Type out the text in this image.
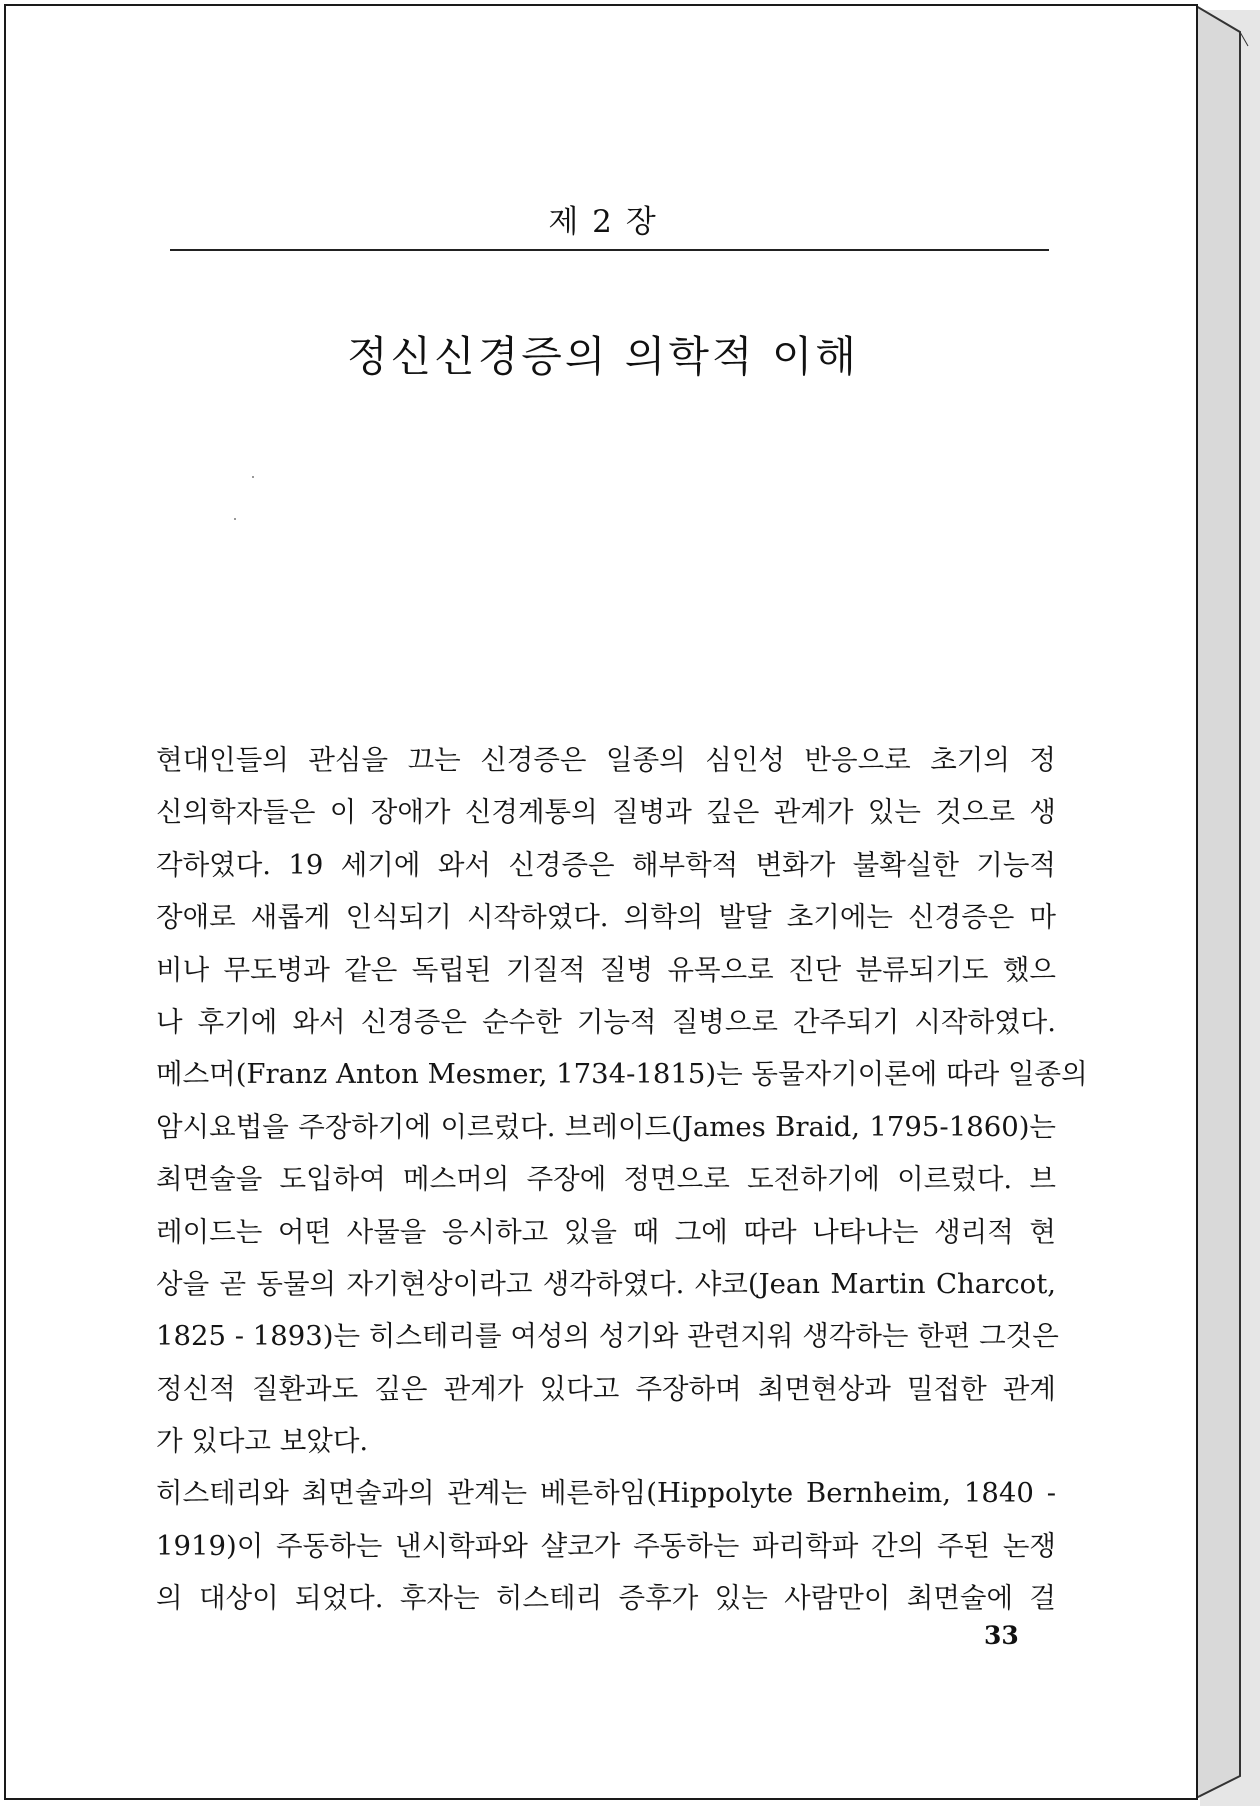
제 2 장
정신신경증의 의학적 이해
현대인들의 관심을 끄는 신경증은 일종의 심인성 반응으로 초기의 정
신의학자들은 이 장애가 신경계통의 질병과 깊은 관계가 있는 것으로 생
각하였다. 19 세기에 와서 신경증은 해부학적 변화가 불확실한 기능적
장애로 새롭게 인식되기 시작하였다. 의학의 발달 초기에는 신경증은 마
비나 무도병과 같은 독립된 기질적 질병 유목으로 진단 분류되기도 했으
나 후기에 와서 신경증은 순수한 기능적 질병으로 간주되기 시작하였다.
메스머(Franz Anton Mesmer, 1734-1815)는 동물자기이론에 따라 일종의
암시요법을 주장하기에 이르렀다. 브레이드(James Braid, 1795-1860)는
최면술을 도입하여 메스머의 주장에 정면으로 도전하기에 이르렀다. 브
레이드는 어떤 사물을 응시하고 있을 때 그에 따라 나타나는 생리적 현
상을 곧 동물의 자기현상이라고 생각하였다. 샤코(Jean Martin Charcot,
1825 - 1893)는 히스테리를 여성의 성기와 관련지워 생각하는 한편 그것은
정신적 질환과도 깊은 관계가 있다고 주장하며 최면현상과 밀접한 관계
가 있다고 보았다.
히스테리와 최면술과의 관계는 베른하임(Hippolyte Bernheim, 1840 -
1919)이 주동하는 낸시학파와 샬코가 주동하는 파리학파 간의 주된 논쟁
의 대상이 되었다. 후자는 히스테리 증후가 있는 사람만이 최면술에 걸
33
